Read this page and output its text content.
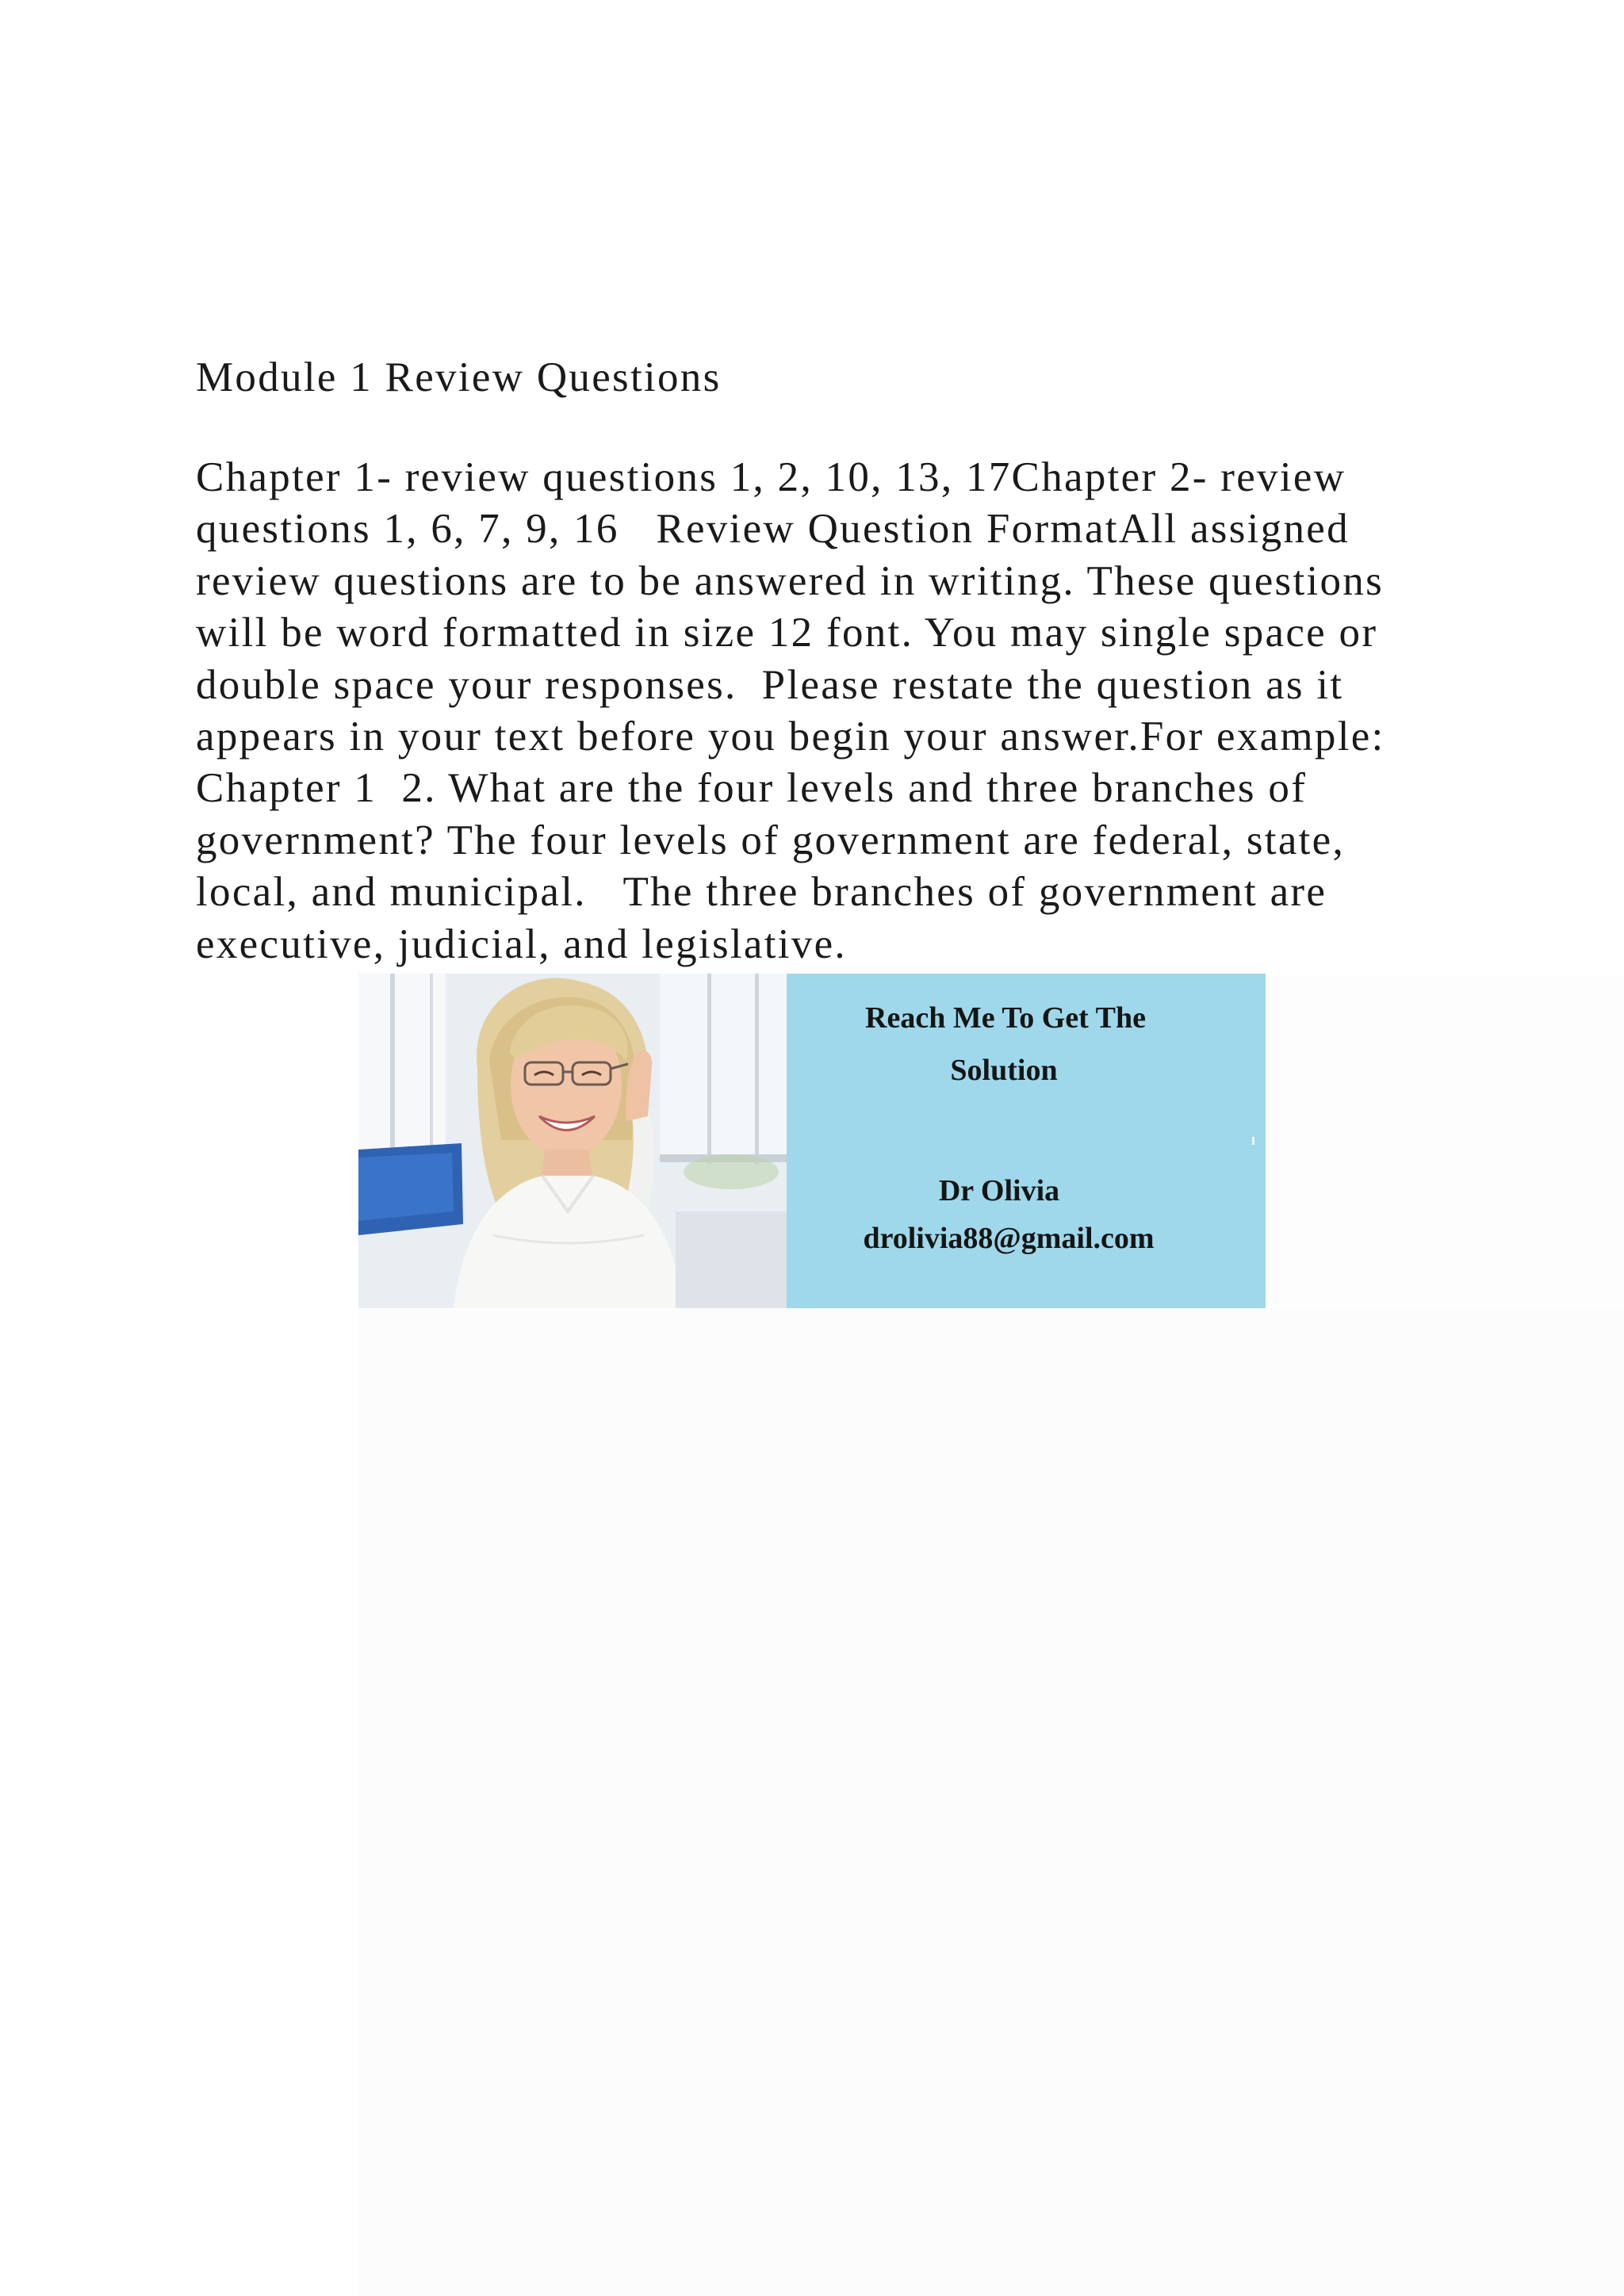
Module 1 Review Questions

Chapter 1- review questions 1, 2, 10, 13, 17Chapter 2- review
questions 1, 6, 7, 9, 16   Review Question FormatAll assigned
review questions are to be answered in writing. These questions
will be word formatted in size 12 font. You may single space or
double space your responses.  Please restate the question as it
appears in your text before you begin your answer.For example:
Chapter 1  2. What are the four levels and three branches of
government? The four levels of government are federal, state,
local, and municipal.   The three branches of government are
executive, judicial, and legislative.

Reach Me To Get The
Solution
Dr Olivia
drolivia88@gmail.com
